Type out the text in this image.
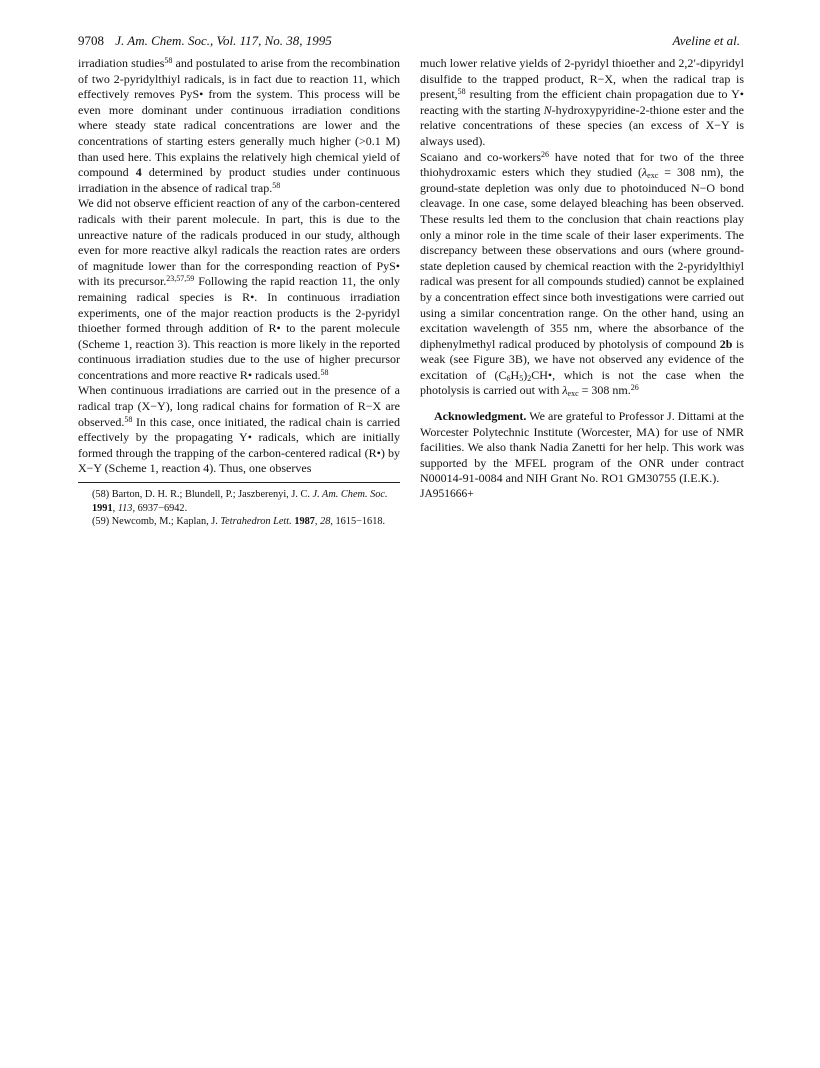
9708 J. Am. Chem. Soc., Vol. 117, No. 38, 1995	Aveline et al.

irradiation studies$^{58}$ and postulated to arise from the recombination of two 2-pyridylthiyl radicals, is in fact due to reaction 11, which effectively removes PyS• from the system. This process will be even more dominant under continuous irradiation conditions where steady state radical concentrations are lower and the concentrations of starting esters generally much higher (>0.1 M) than used here. This explains the relatively high chemical yield of compound 4 determined by product studies under continuous irradiation in the absence of radical trap.$^{58}$

We did not observe efficient reaction of any of the carbon-centered radicals with their parent molecule. In part, this is due to the unreactive nature of the radicals produced in our study, although even for more reactive alkyl radicals the reaction rates are orders of magnitude lower than for the corresponding reaction of PyS• with its precursor.$^{23,57,59}$ Following the rapid reaction 11, the only remaining radical species is R•. In continuous irradiation experiments, one of the major reaction products is the 2-pyridyl thioether formed through addition of R• to the parent molecule (Scheme 1, reaction 3). This reaction is more likely in the reported continuous irradiation studies due to the use of higher precursor concentrations and more reactive R• radicals used.$^{58}$

When continuous irradiations are carried out in the presence of a radical trap (X−Y), long radical chains for formation of R−X are observed.$^{58}$ In this case, once initiated, the radical chain is carried effectively by the propagating Y• radicals, which are initially formed through the trapping of the carbon-centered radical (R•) by X−Y (Scheme 1, reaction 4). Thus, one observes

(58) Barton, D. H. R.; Blundell, P.; Jaszberenyi, J. C. J. Am. Chem. Soc. 1991, 113, 6937−6942.

(59) Newcomb, M.; Kaplan, J. Tetrahedron Lett. 1987, 28, 1615−1618.

much lower relative yields of 2-pyridyl thioether and 2,2′-dipyridyl disulfide to the trapped product, R−X, when the radical trap is present,$^{58}$ resulting from the efficient chain propagation due to Y• reacting with the starting N-hydroxypyridine-2-thione ester and the relative concentrations of these species (an excess of X−Y is always used).

Scaiano and co-workers$^{26}$ have noted that for two of the three thiohydroxamic esters which they studied ($\lambda_{exc} = 308$ nm), the ground-state depletion was only due to photoinduced N−O bond cleavage. In one case, some delayed bleaching has been observed. These results led them to the conclusion that chain reactions play only a minor role in the time scale of their laser experiments. The discrepancy between these observations and ours (where ground-state depletion caused by chemical reaction with the 2-pyridylthiyl radical was present for all compounds studied) cannot be explained by a concentration effect since both investigations were carried out using a similar concentration range. On the other hand, using an excitation wavelength of 355 nm, where the absorbance of the diphenylmethyl radical produced by photolysis of compound 2b is weak (see Figure 3B), we have not observed any evidence of the excitation of $(C_6H_5)_2CH•$, which is not the case when the photolysis is carried out with $\lambda_{exc} = 308$ nm.$^{26}$

Acknowledgment. We are grateful to Professor J. Dittami at the Worcester Polytechnic Institute (Worcester, MA) for use of NMR facilities. We also thank Nadia Zanetti for her help. This work was supported by the MFEL program of the ONR under contract N00014-91-0084 and NIH Grant No. RO1 GM30755 (I.E.K.).

JA951666+
